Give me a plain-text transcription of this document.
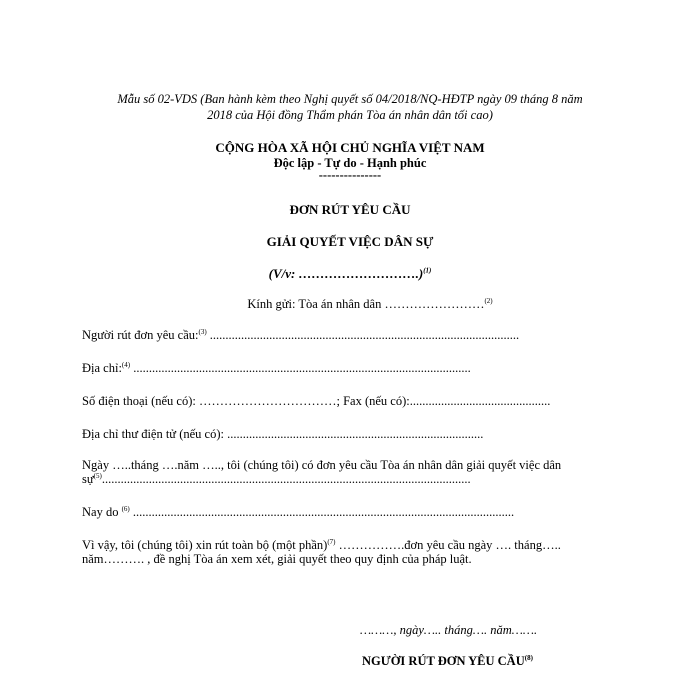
Mẫu số 02-VDS (Ban hành kèm theo Nghị quyết số 04/2018/NQ-HĐTP ngày 09 tháng 8 năm
2018 của Hội đồng Thẩm phán Tòa án nhân dân tối cao)
CỘNG HÒA XÃ HỘI CHỦ NGHĨA VIỆT NAM
Độc lập - Tự do - Hạnh phúc
---------------
ĐƠN RÚT YÊU CẦU
GIẢI QUYẾT VIỆC DÂN SỰ
(V/v: ……………………….)$^{(1)}$
Kính gửi: Tòa án nhân dân ……………………$^{(2)}$
Người rút đơn yêu cầu:$^{(3)}$ ...................................................................................................
Địa chỉ:$^{(4)}$ ............................................................................................................
Số điện thoại (nếu có): ……………………………; Fax (nếu có):.............................................
Địa chỉ thư điện tử (nếu có): ..................................................................................
Ngày …..tháng ….năm ….., tôi (chúng tôi) có đơn yêu cầu Tòa án nhân dân giải quyết việc dân
sự$^{(5)}$......................................................................................................................
Nay do $^{(6)}$ ..........................................................................................................................
Vì vậy, tôi (chúng tôi) xin rút toàn bộ (một phần)$^{(7)}$ …………….đơn yêu cầu ngày …. tháng…..
năm………. , đề nghị Tòa án xem xét, giải quyết theo quy định của pháp luật.
………, ngày….. tháng…. năm…….
NGƯỜI RÚT ĐƠN YÊU CẦU$^{(8)}$
